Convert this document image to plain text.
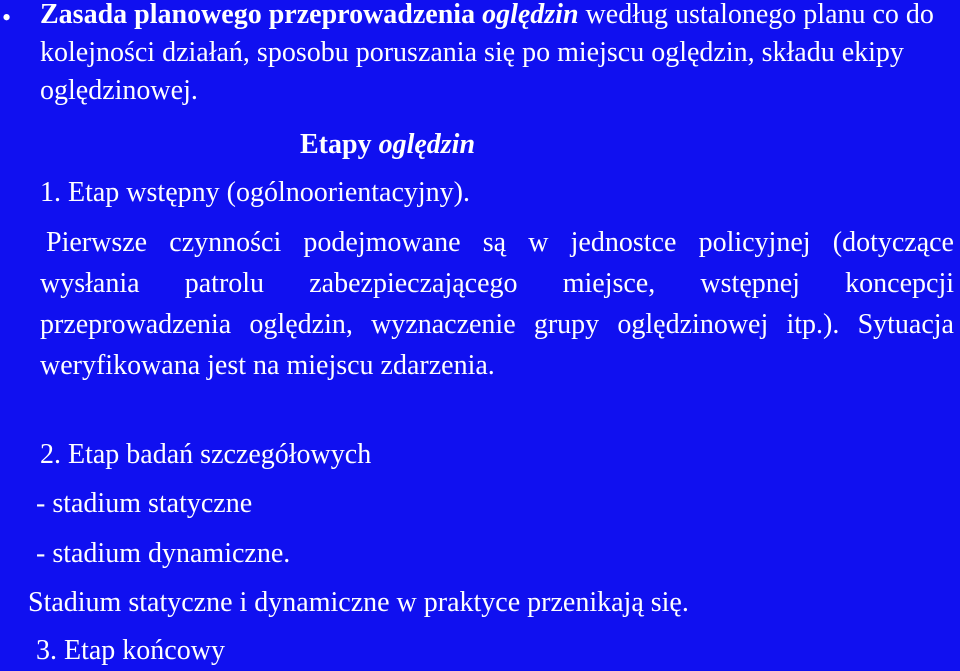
• Zasada planowego przeprowadzenia oględzin według ustalonego planu co do kolejności działań, sposobu poruszania się po miejscu oględzin, składu ekipy oględzinowej.
Etapy oględzin
1. Etap wstępny (ogólnoorientacyjny).
Pierwsze czynności podejmowane są w jednostce policyjnej (dotyczące wysłania patrolu zabezpieczającego miejsce, wstępnej koncepcji przeprowadzenia oględzin, wyznaczenie grupy oględzinowej itp.). Sytuacja weryfikowana jest na miejscu zdarzenia.
2. Etap badań szczegółowych
- stadium statyczne
- stadium dynamiczne.
Stadium statyczne i dynamiczne w praktyce przenikają się.
3. Etap końcowy
